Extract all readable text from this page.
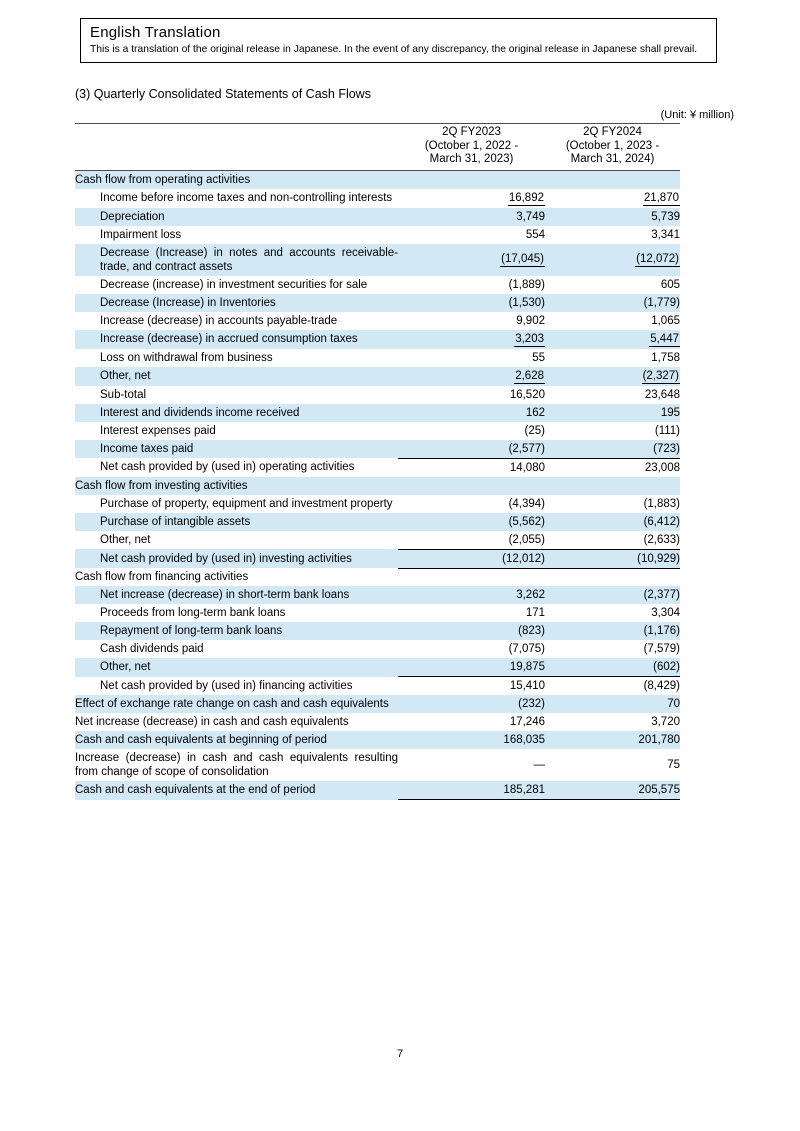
English Translation
This is a translation of the original release in Japanese. In the event of any discrepancy, the original release in Japanese shall prevail.
(3) Quarterly Consolidated Statements of Cash Flows
(Unit: ¥ million)

2Q FY2023
(October 1, 2022 -
March 31, 2023)

2Q FY2024
(October 1, 2023 -
March 31, 2024)

Cash flow from operating activities		
Income before income taxes and non-controlling interests	16,892	21,870
Depreciation	3,749	5,739
Impairment loss	554	3,341
Decrease (Increase) in notes and accounts receivable-trade, and contract assets	(17,045)	(12,072)
Decrease (increase) in investment securities for sale	(1,889)	605
Decrease (Increase) in Inventories	(1,530)	(1,779)
Increase (decrease) in accounts payable-trade	9,902	1,065
Increase (decrease) in accrued consumption taxes	3,203	5,447
Loss on withdrawal from business	55	1,758
Other, net	2,628	(2,327)
Sub-total	16,520	23,648
Interest and dividends income received	162	195
Interest expenses paid	(25)	(111)
Income taxes paid	(2,577)	(723)
Net cash provided by (used in) operating activities	14,080	23,008
Cash flow from investing activities		
Purchase of property, equipment and investment property	(4,394)	(1,883)
Purchase of intangible assets	(5,562)	(6,412)
Other, net	(2,055)	(2,633)
Net cash provided by (used in) investing activities	(12,012)	(10,929)
Cash flow from financing activities		
Net increase (decrease) in short-term bank loans	3,262	(2,377)
Proceeds from long-term bank loans	171	3,304
Repayment of long-term bank loans	(823)	(1,176)
Cash dividends paid	(7,075)	(7,579)
Other, net	19,875	(602)
Net cash provided by (used in) financing activities	15,410	(8,429)
Effect of exchange rate change on cash and cash equivalents	(232)	70
Net increase (decrease) in cash and cash equivalents	17,246	3,720
Cash and cash equivalents at beginning of period	168,035	201,780
Increase (decrease) in cash and cash equivalents resulting from change of scope of consolidation	—	75
Cash and cash equivalents at the end of period	185,281	205,575
7
